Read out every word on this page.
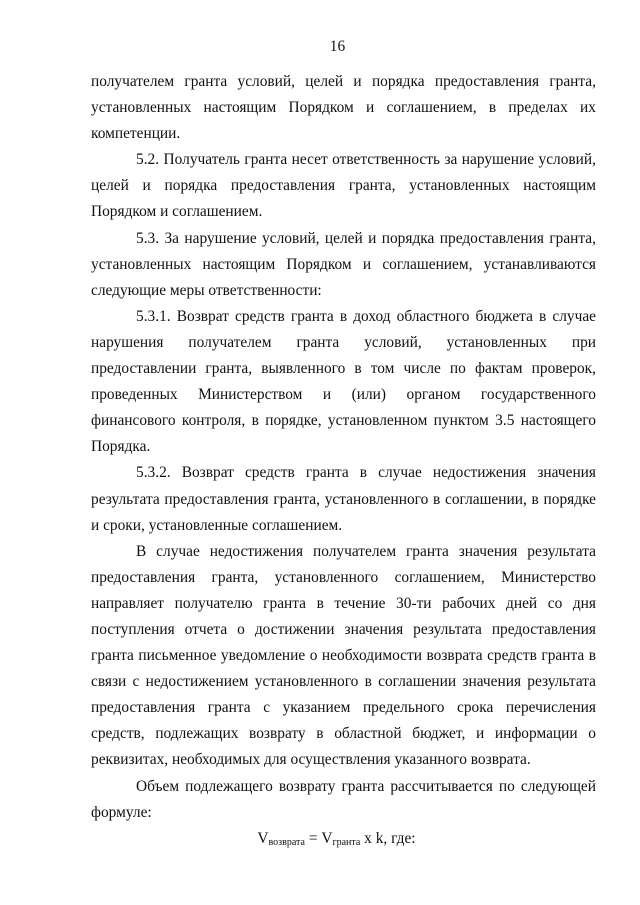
16

получателем гранта условий, целей и порядка предоставления гранта, установленных настоящим Порядком и соглашением, в пределах их компетенции.

5.2. Получатель гранта несет ответственность за нарушение условий, целей и порядка предоставления гранта, установленных настоящим Порядком и соглашением.

5.3. За нарушение условий, целей и порядка предоставления гранта, установленных настоящим Порядком и соглашением, устанавливаются следующие меры ответственности:

5.3.1. Возврат средств гранта в доход областного бюджета в случае нарушения получателем гранта условий, установленных при предоставлении гранта, выявленного в том числе по фактам проверок, проведенных Министерством и (или) органом государственного финансового контроля, в порядке, установленном пунктом 3.5 настоящего Порядка.

5.3.2. Возврат средств гранта в случае недостижения значения результата предоставления гранта, установленного в соглашении, в порядке и сроки, установленные соглашением.

В случае недостижения получателем гранта значения результата предоставления гранта, установленного соглашением, Министерство направляет получателю гранта в течение 30-ти рабочих дней со дня поступления отчета о достижении значения результата предоставления гранта письменное уведомление о необходимости возврата средств гранта в связи с недостижением установленного в соглашении значения результата предоставления гранта с указанием предельного срока перечисления средств, подлежащих возврату в областной бюджет, и информации о реквизитах, необходимых для осуществления указанного возврата.

Объем подлежащего возврату гранта рассчитывается по следующей формуле:

$V_{возврата} = V_{гранта}$ x k, где:
